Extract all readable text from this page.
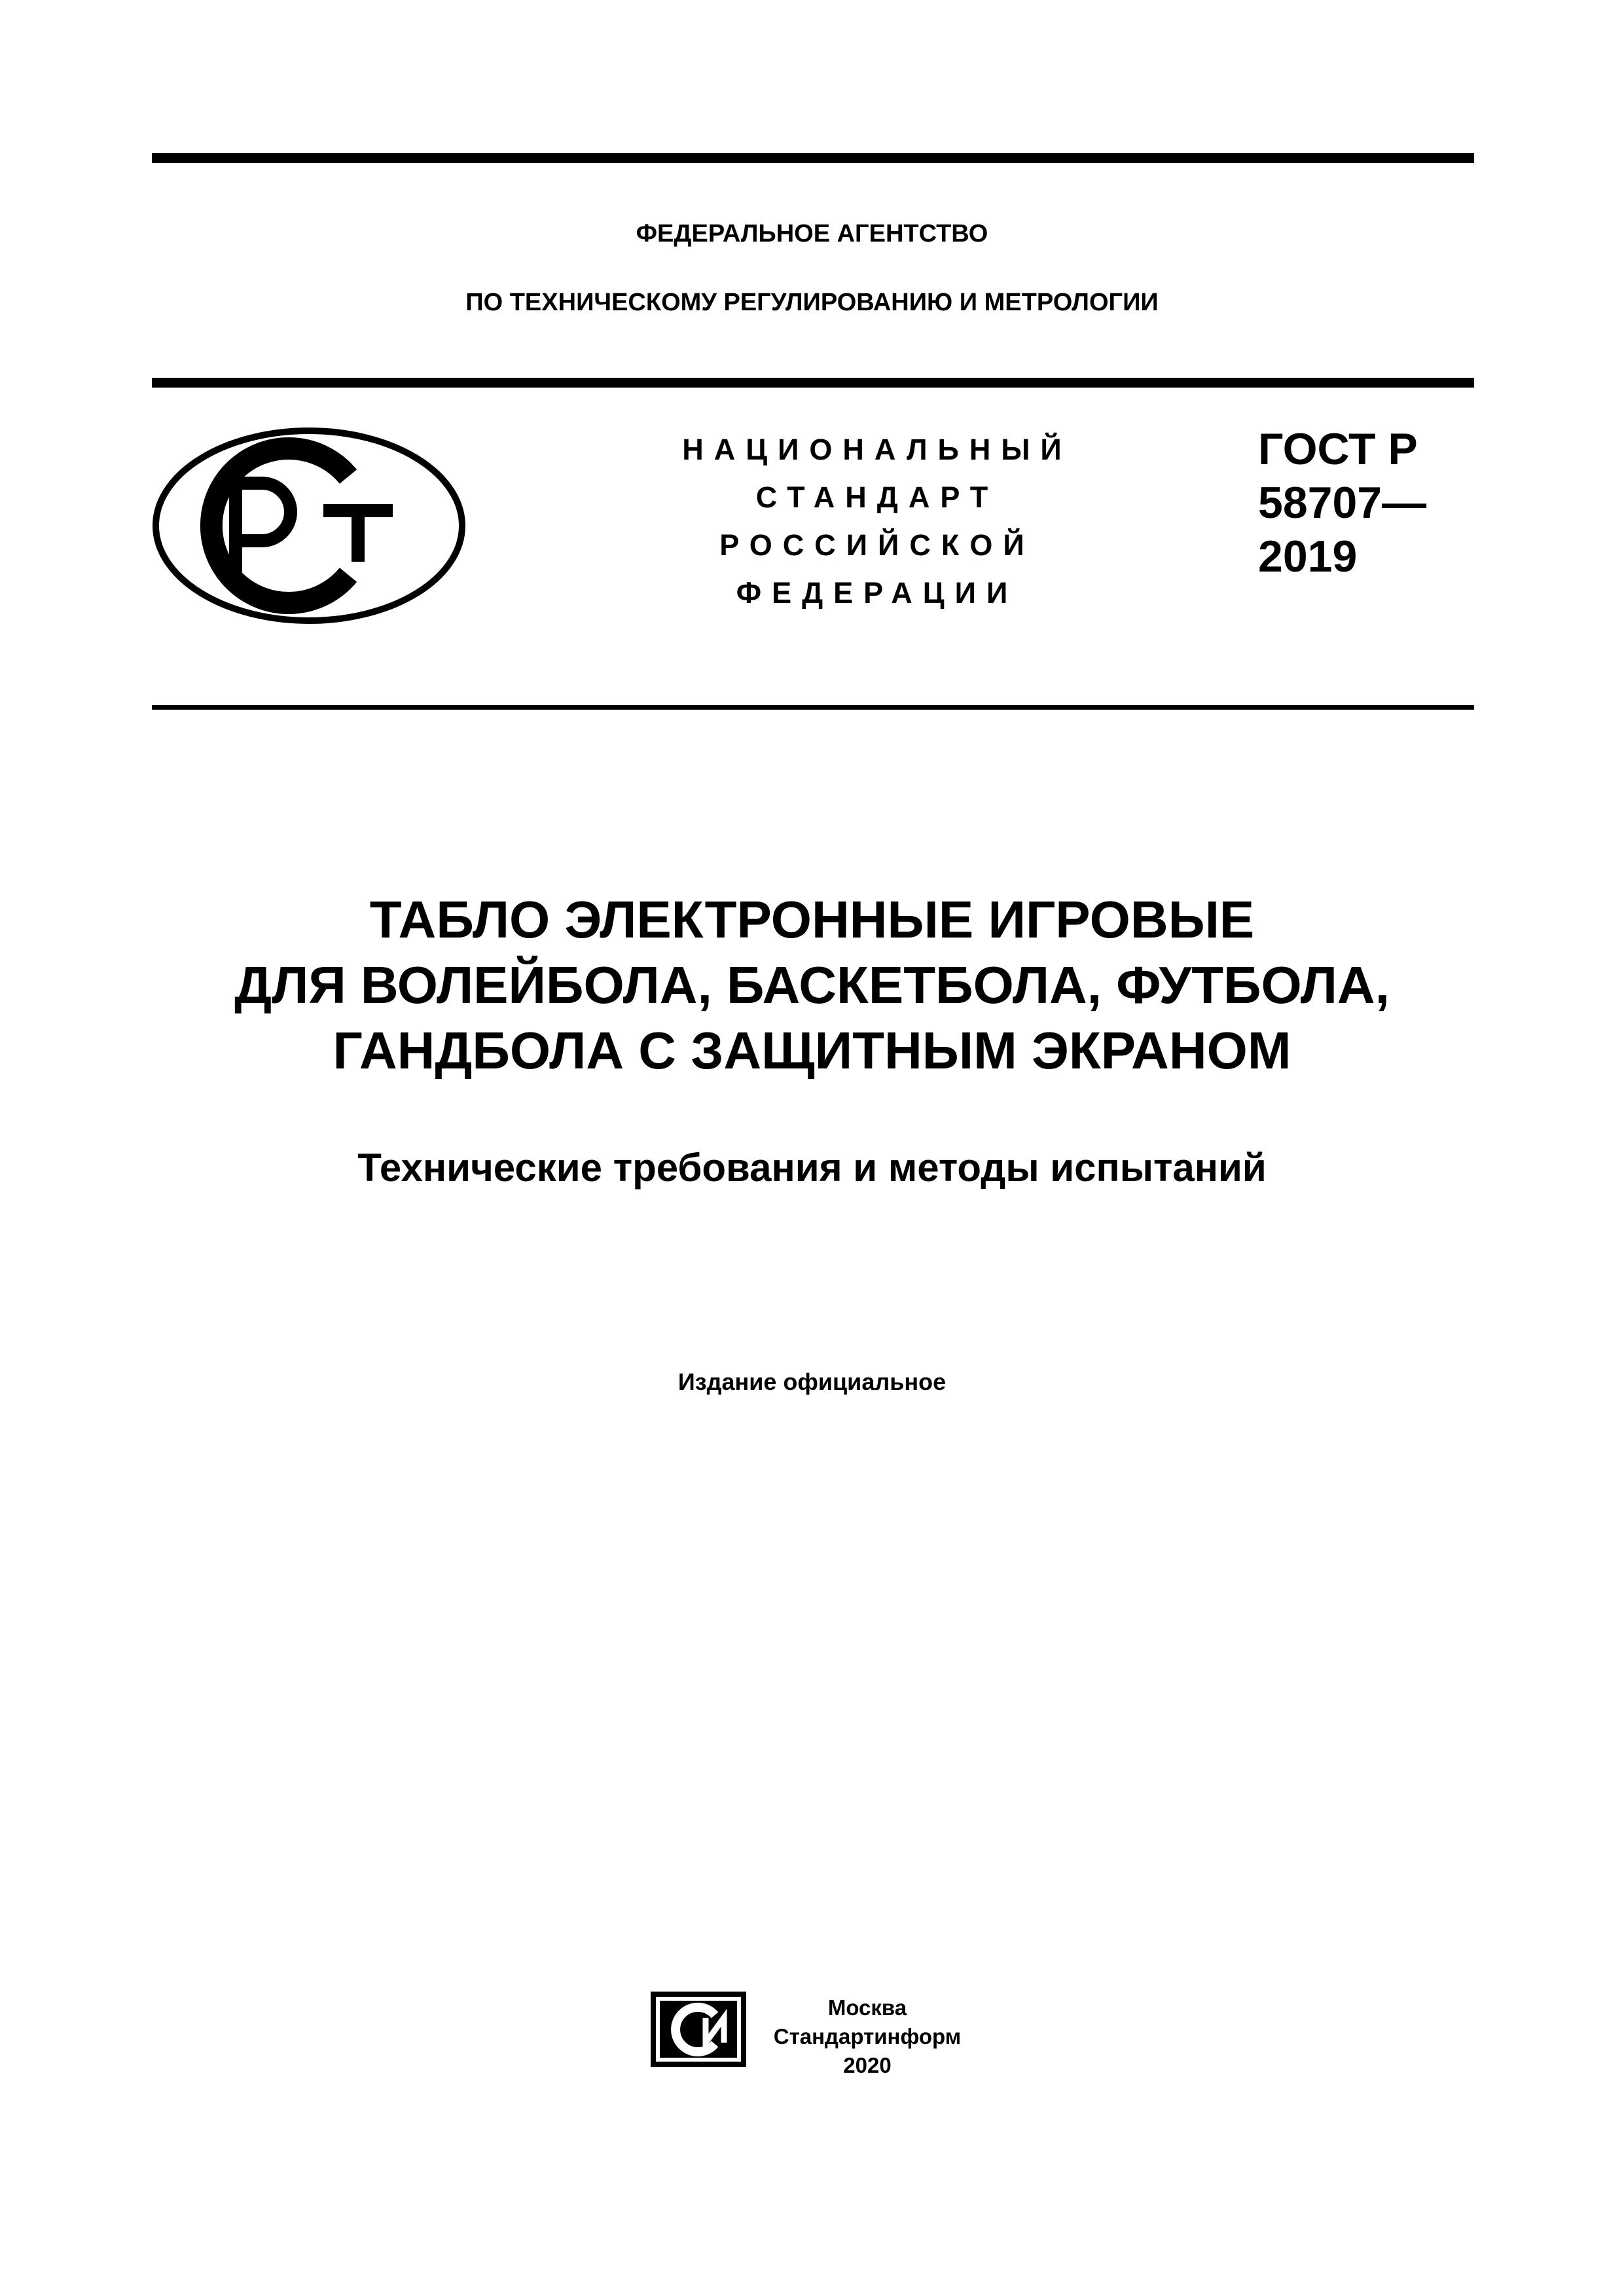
ФЕДЕРАЛЬНОЕ АГЕНТСТВО
ПО ТЕХНИЧЕСКОМУ РЕГУЛИРОВАНИЮ И МЕТРОЛОГИИ
НАЦИОНАЛЬНЫЙ
СТАНДАРТ
РОССИЙСКОЙ
ФЕДЕРАЦИИ
ГОСТ Р
58707—
2019
ТАБЛО ЭЛЕКТРОННЫЕ ИГРОВЫЕ
ДЛЯ ВОЛЕЙБОЛА, БАСКЕТБОЛА, ФУТБОЛА,
ГАНДБОЛА С ЗАЩИТНЫМ ЭКРАНОМ
Технические требования и методы испытаний
Издание официальное
Москва
Стандартинформ
2020
